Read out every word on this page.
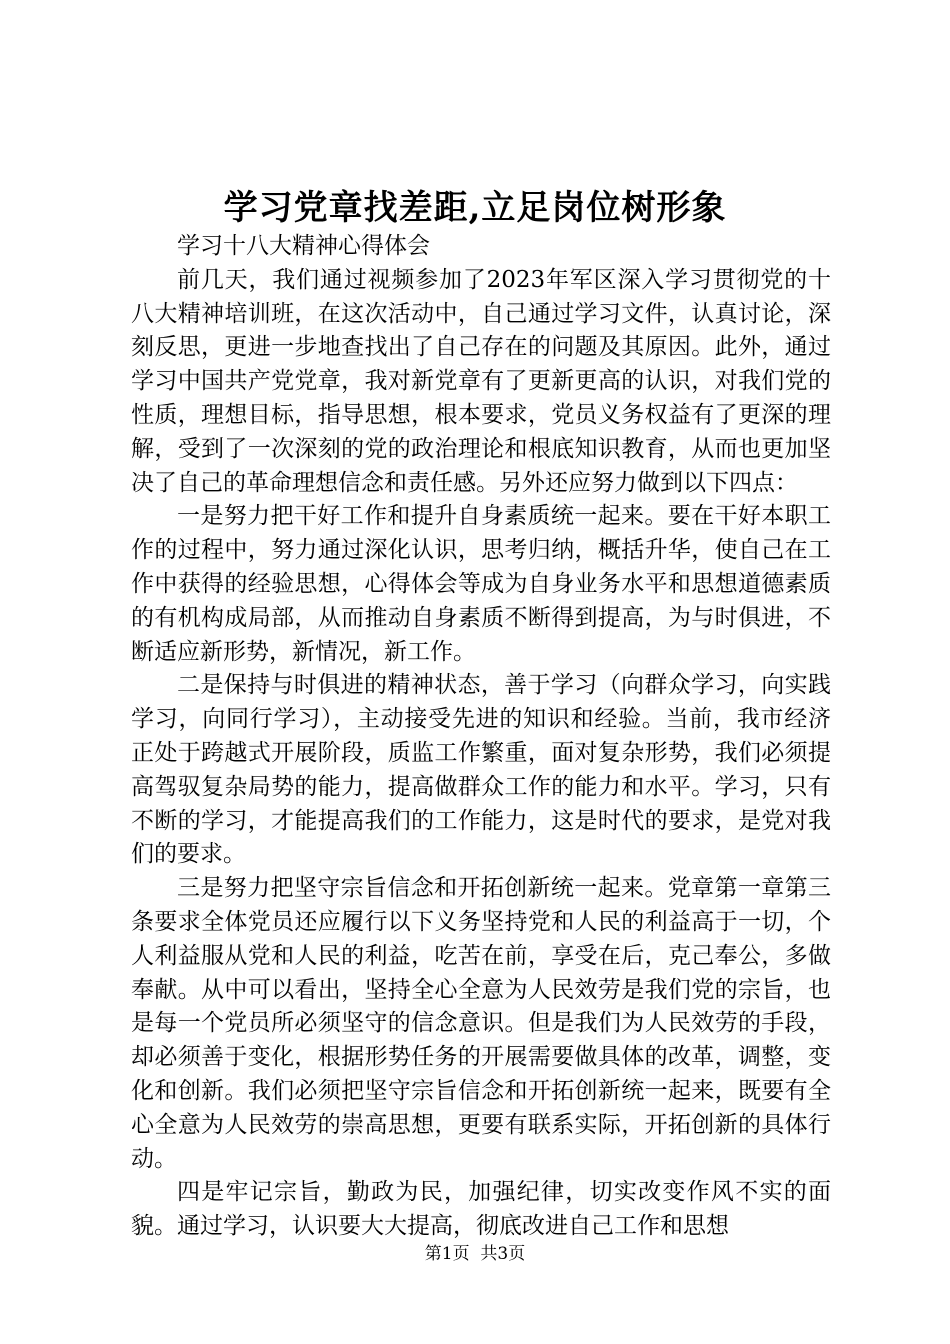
学习党章找差距,立足岗位树形象

学习十八大精神心得体会

前几天，我们通过视频参加了2023年军区深入学习贯彻党的十八大精神培训班，在这次活动中，自己通过学习文件，认真讨论，深刻反思，更进一步地查找出了自己存在的问题及其原因。此外，通过学习中国共产党党章，我对新党章有了更新更高的认识，对我们党的性质，理想目标，指导思想，根本要求，党员义务权益有了更深的理解，受到了一次深刻的党的政治理论和根底知识教育，从而也更加坚决了自己的革命理想信念和责任感。另外还应努力做到以下四点：

一是努力把干好工作和提升自身素质统一起来。要在干好本职工作的过程中，努力通过深化认识，思考归纳，概括升华，使自己在工作中获得的经验思想，心得体会等成为自身业务水平和思想道德素质的有机构成局部，从而推动自身素质不断得到提高，为与时俱进，不断适应新形势，新情况，新工作。

二是保持与时俱进的精神状态，善于学习（向群众学习，向实践学习，向同行学习），主动接受先进的知识和经验。当前，我市经济正处于跨越式开展阶段，质监工作繁重，面对复杂形势，我们必须提高驾驭复杂局势的能力，提高做群众工作的能力和水平。学习，只有不断的学习，才能提高我们的工作能力，这是时代的要求，是党对我们的要求。

三是努力把坚守宗旨信念和开拓创新统一起来。党章第一章第三条要求全体党员还应履行以下义务坚持党和人民的利益高于一切，个人利益服从党和人民的利益，吃苦在前，享受在后，克己奉公，多做奉献。从中可以看出，坚持全心全意为人民效劳是我们党的宗旨，也是每一个党员所必须坚守的信念意识。但是我们为人民效劳的手段，却必须善于变化，根据形势任务的开展需要做具体的改革，调整，变化和创新。我们必须把坚守宗旨信念和开拓创新统一起来，既要有全心全意为人民效劳的崇高思想，更要有联系实际，开拓创新的具体行动。

四是牢记宗旨，勤政为民，加强纪律，切实改变作风不实的面貌。通过学习，认识要大大提高，彻底改进自己工作和思想

第1页 共3页
